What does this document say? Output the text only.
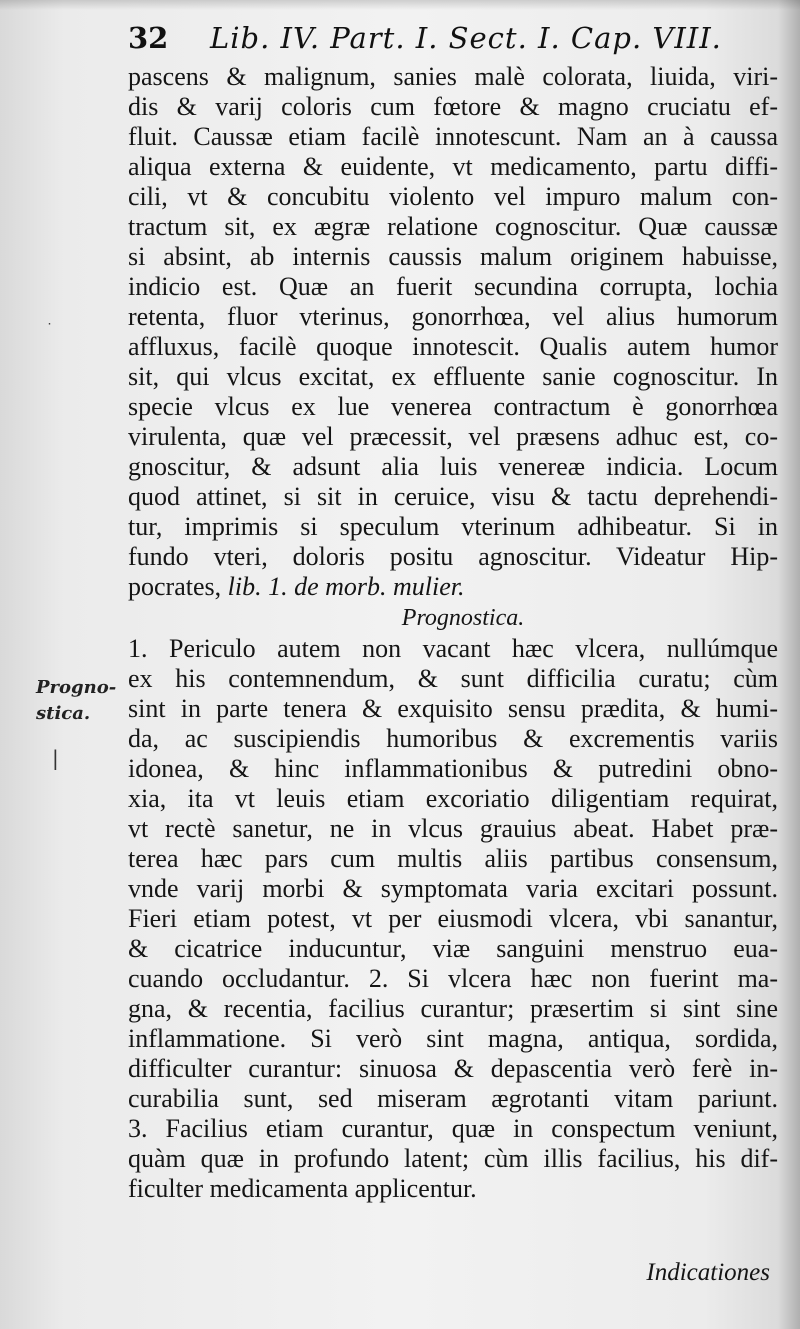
32 Lib. IV. Part. I. Sect. I. Cap. VIII.
Progno-
stica.
˙
|
pascens & malignum, sanies malè colorata, liuida, viri-
dis & varij coloris cum fœtore & magno cruciatu ef-
fluit. Caussæ etiam facilè innotescunt. Nam an à caussa
aliqua externa & euidente, vt medicamento, partu diffi-
cili, vt & concubitu violento vel impuro malum con-
tractum sit, ex ægræ relatione cognoscitur. Quæ caussæ
si absint, ab internis caussis malum originem habuisse,
indicio est. Quæ an fuerit secundina corrupta, lochia
retenta, fluor vterinus, gonorrhœa, vel alius humorum
affluxus, facilè quoque innotescit. Qualis autem humor
sit, qui vlcus excitat, ex effluente sanie cognoscitur. In
specie vlcus ex lue venerea contractum è gonorrhœa
virulenta, quæ vel præcessit, vel præsens adhuc est, co-
gnoscitur, & adsunt alia luis venereæ indicia. Locum
quod attinet, si sit in ceruice, visu & tactu deprehendi-
tur, imprimis si speculum vterinum adhibeatur. Si in
fundo vteri, doloris positu agnoscitur. Videatur Hip-
pocrates, lib. 1. de morb. mulier.
Prognostica.
1. Periculo autem non vacant hæc vlcera, nullúmque
ex his contemnendum, & sunt difficilia curatu; cùm
sint in parte tenera & exquisito sensu prædita, & humi-
da, ac suscipiendis humoribus & excrementis variis
idonea, & hinc inflammationibus & putredini obno-
xia, ita vt leuis etiam excoriatio diligentiam requirat,
vt rectè sanetur, ne in vlcus grauius abeat. Habet præ-
terea hæc pars cum multis aliis partibus consensum,
vnde varij morbi & symptomata varia excitari possunt.
Fieri etiam potest, vt per eiusmodi vlcera, vbi sanantur,
& cicatrice inducuntur, viæ sanguini menstruo eua-
cuando occludantur. 2. Si vlcera hæc non fuerint ma-
gna, & recentia, facilius curantur; præsertim si sint sine
inflammatione. Si verò sint magna, antiqua, sordida,
difficulter curantur: sinuosa & depascentia verò ferè in-
curabilia sunt, sed miseram ægrotanti vitam pariunt.
3. Facilius etiam curantur, quæ in conspectum veniunt,
quàm quæ in profundo latent; cùm illis facilius, his dif-
ficulter medicamenta applicentur.
Indicationes
